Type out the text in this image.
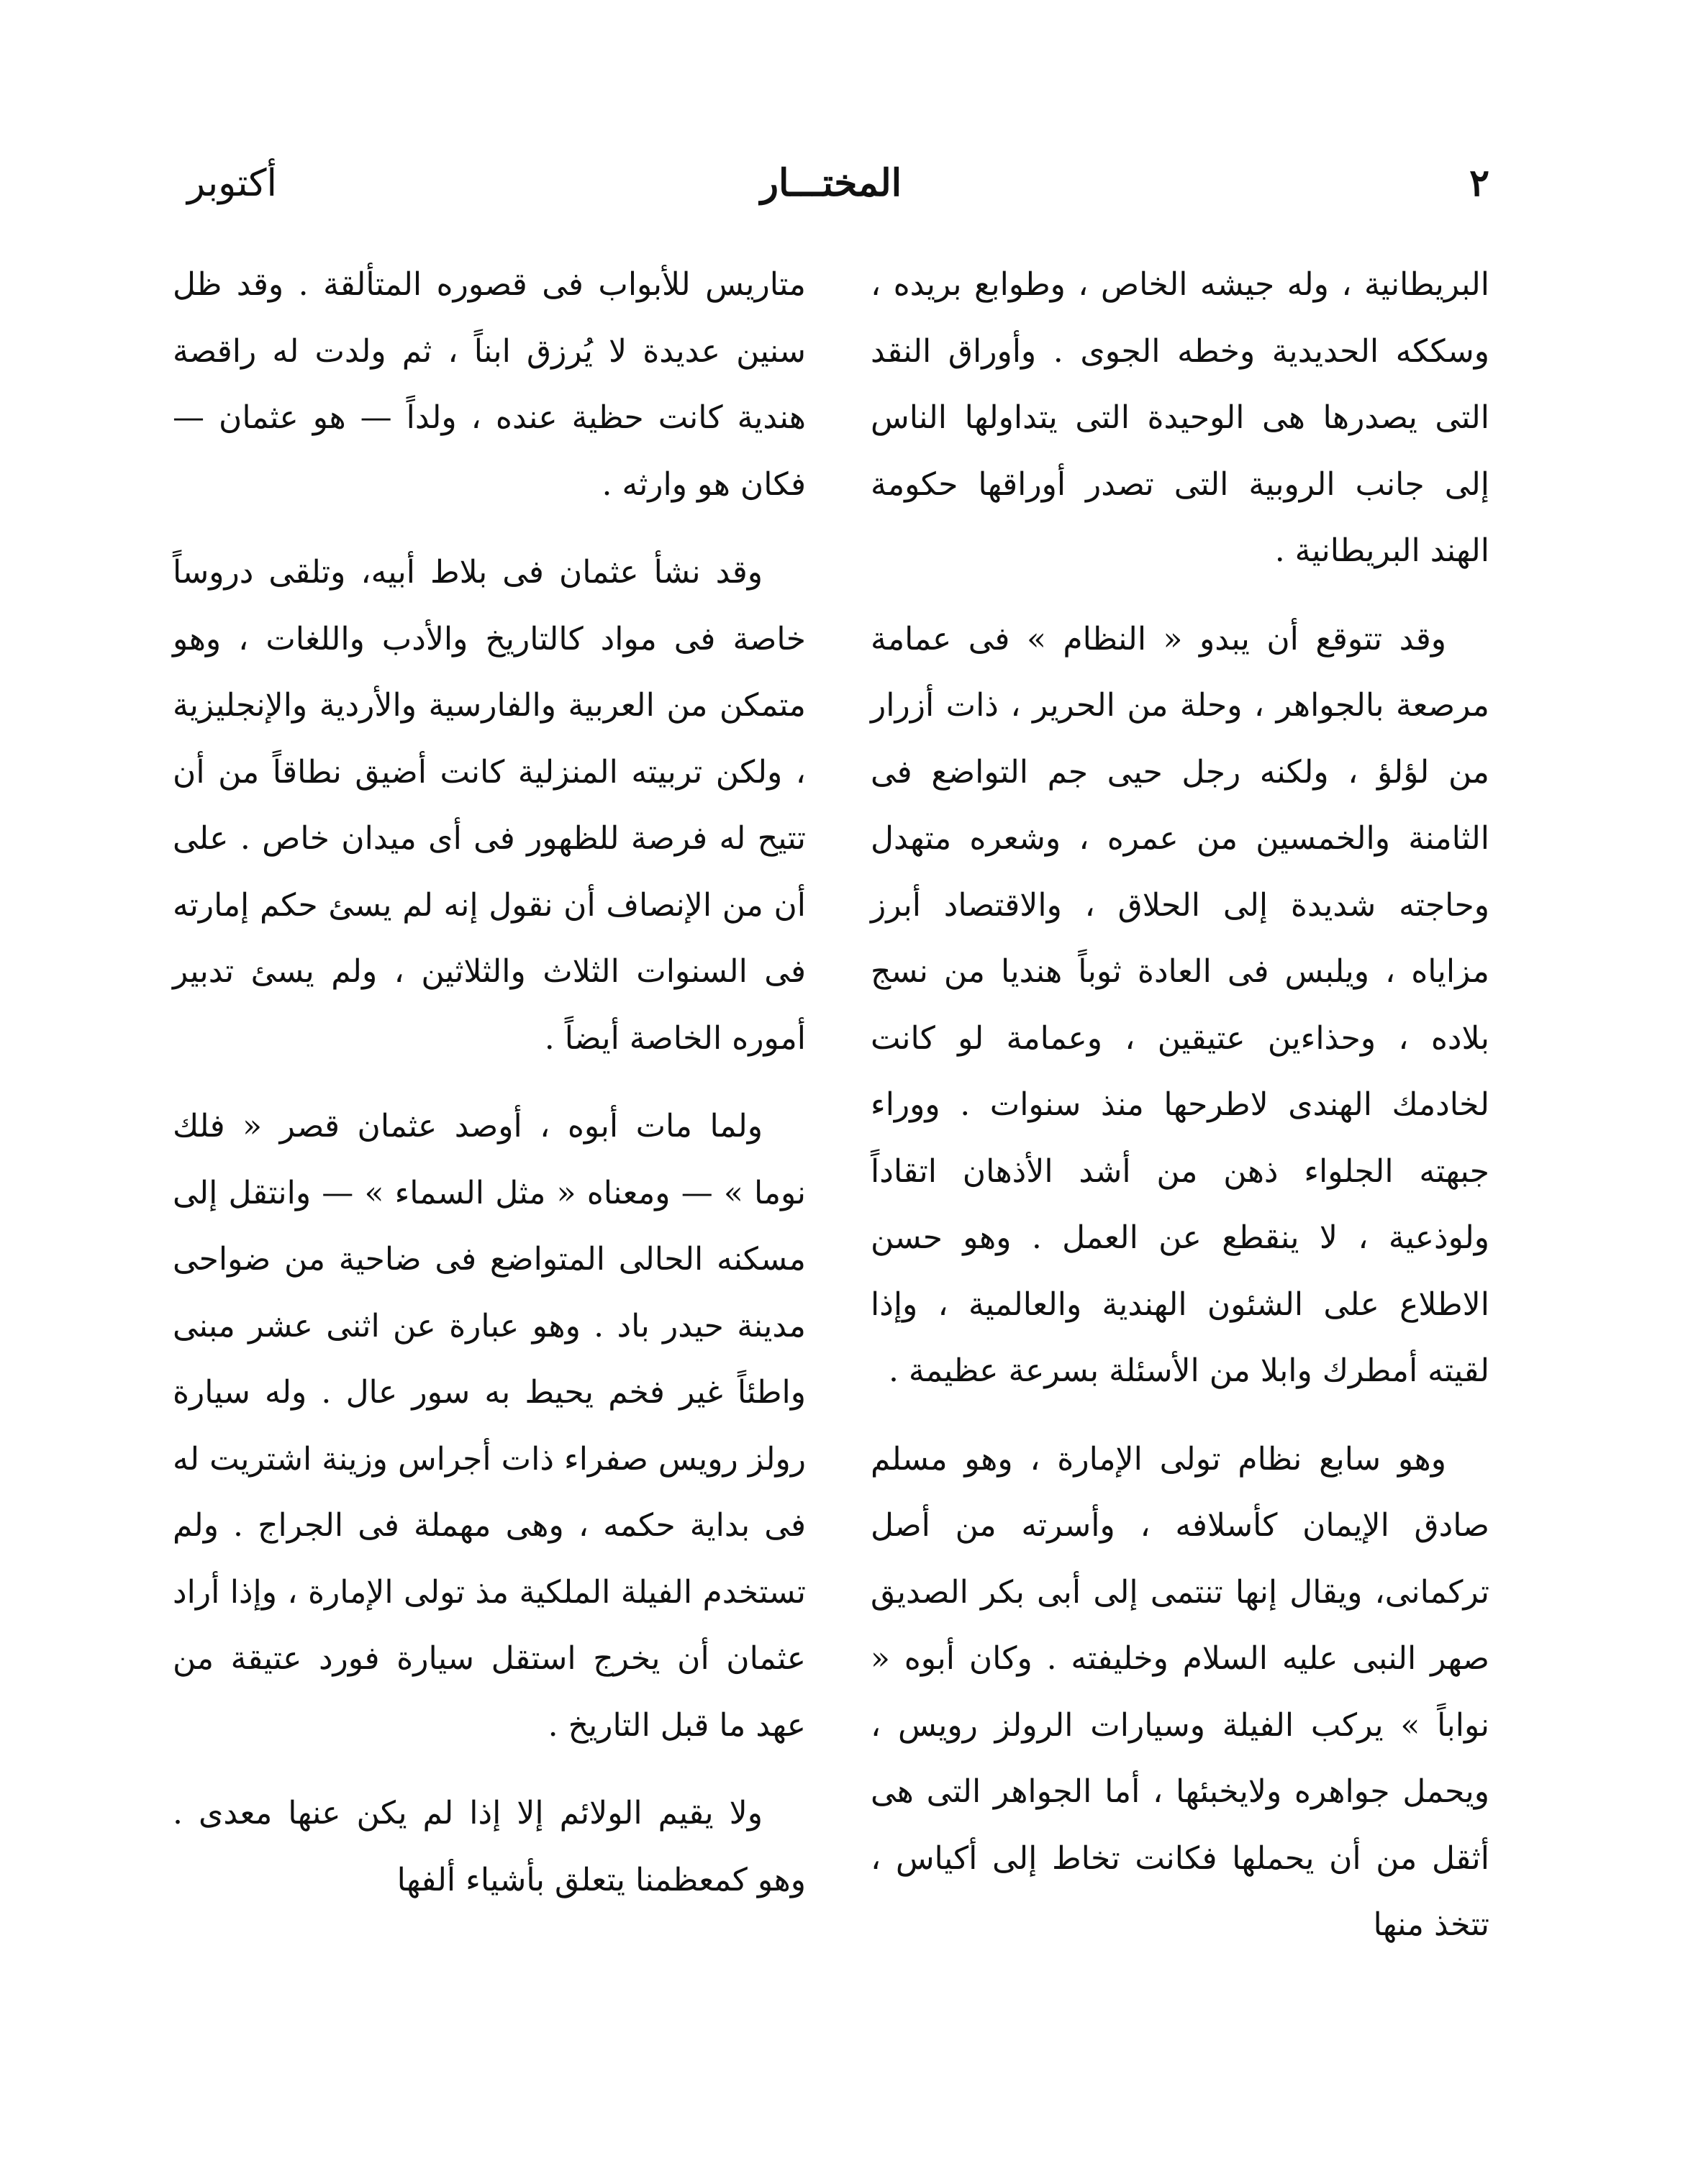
٢
المختـــار
أكتوبر

البريطانية ، وله جيشه الخاص ، وطوابع بريده ، وسككه الحديدية وخطه الجوى . وأوراق النقد التى يصدرها هى الوحيدة التى يتداولها الناس إلى جانب الروبية التى تصدر أوراقها حكومة الهند البريطانية .

وقد تتوقع أن يبدو « النظام » فى عمامة مرصعة بالجواهر ، وحلة من الحرير ، ذات أزرار من لؤلؤ ، ولكنه رجل حيى جم التواضع فى الثامنة والخمسين من عمره ، وشعره متهدل وحاجته شديدة إلى الحلاق ، والاقتصاد أبرز مزاياه ، ويلبس فى العادة ثوباً هنديا من نسج بلاده ، وحذاءين عتيقين ، وعمامة لو كانت لخادمك الهندى لاطرحها منذ سنوات . ووراء جبهته الجلواء ذهن من أشد الأذهان اتقاداً ولوذعية ، لا ينقطع عن العمل . وهو حسن الاطلاع على الشئون الهندية والعالمية ، وإذا لقيته أمطرك وابلا من الأسئلة بسرعة عظيمة .

وهو سابع نظام تولى الإمارة ، وهو مسلم صادق الإيمان كأسلافه ، وأسرته من أصل تركمانى، ويقال إنها تنتمى إلى أبى بكر الصديق صهر النبى عليه السلام وخليفته . وكان أبوه « نواباً » يركب الفيلة وسيارات الرولز رويس ، ويحمل جواهره ولايخبئها ، أما الجواهر التى هى أثقل من أن يحملها فكانت تخاط إلى أكياس ، تتخذ منها

متاريس للأبواب فى قصوره المتألقة . وقد ظل سنين عديدة لا يُرزق ابناً ، ثم ولدت له راقصة هندية كانت حظية عنده ، ولداً — هو عثمان — فكان هو وارثه .

وقد نشأ عثمان فى بلاط أبيه، وتلقى دروساً خاصة فى مواد كالتاريخ والأدب واللغات ، وهو متمكن من العربية والفارسية والأردية والإنجليزية ، ولكن تربيته المنزلية كانت أضيق نطاقاً من أن تتيح له فرصة للظهور فى أى ميدان خاص . على أن من الإنصاف أن نقول إنه لم يسئ حكم إمارته فى السنوات الثلاث والثلاثين ، ولم يسئ تدبير أموره الخاصة أيضاً .

ولما مات أبوه ، أوصد عثمان قصر « فلك نوما » — ومعناه « مثل السماء » — وانتقل إلى مسكنه الحالى المتواضع فى ضاحية من ضواحى مدينة حيدر باد . وهو عبارة عن اثنى عشر مبنى واطئاً غير فخم يحيط به سور عال . وله سيارة رولز رويس صفراء ذات أجراس وزينة اشتريت له فى بداية حكمه ، وهى مهملة فى الجراج . ولم تستخدم الفيلة الملكية مذ تولى الإمارة ، وإذا أراد عثمان أن يخرج استقل سيارة فورد عتيقة من عهد ما قبل التاريخ .

ولا يقيم الولائم إلا إذا لم يكن عنها معدى . وهو كمعظمنا يتعلق بأشياء ألفها
